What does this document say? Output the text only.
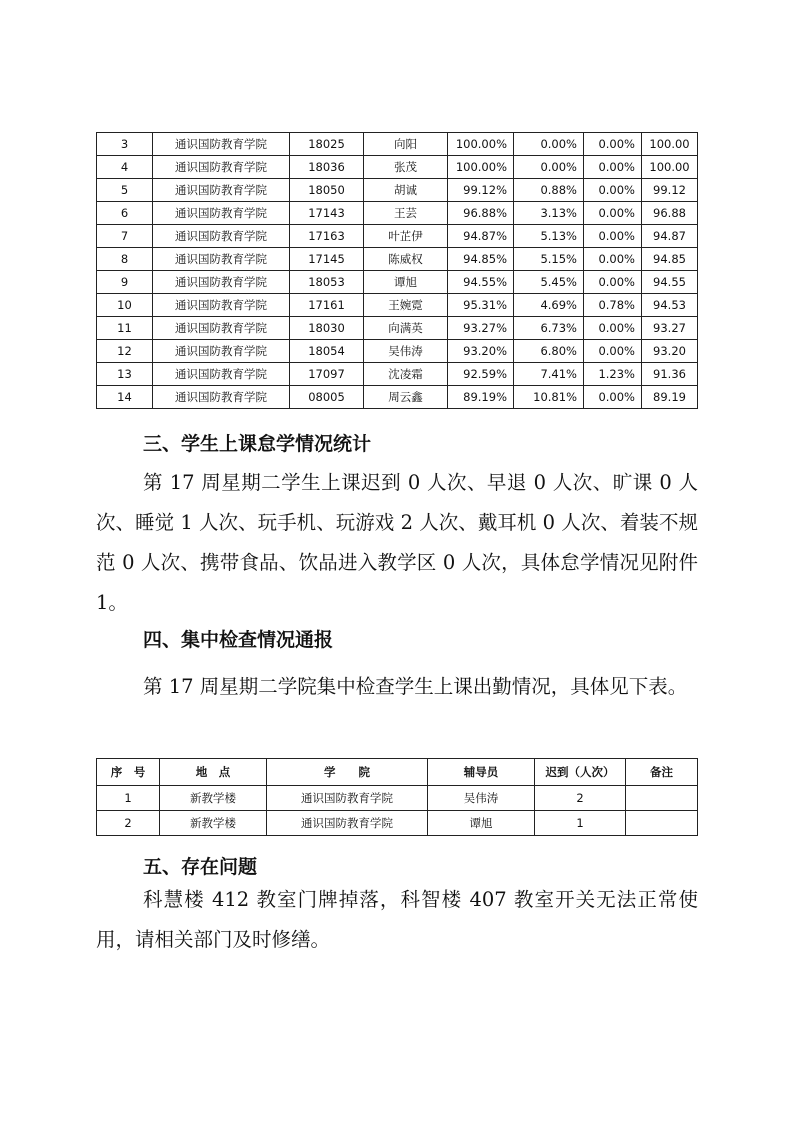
3	通识国防教育学院	18025	向阳	100.00%	0.00%	0.00%	100.00
4	通识国防教育学院	18036	张茂	100.00%	0.00%	0.00%	100.00
5	通识国防教育学院	18050	胡诚	99.12%	0.88%	0.00%	99.12
6	通识国防教育学院	17143	王芸	96.88%	3.13%	0.00%	96.88
7	通识国防教育学院	17163	叶芷伊	94.87%	5.13%	0.00%	94.87
8	通识国防教育学院	17145	陈威权	94.85%	5.15%	0.00%	94.85
9	通识国防教育学院	18053	谭旭	94.55%	5.45%	0.00%	94.55
10	通识国防教育学院	17161	王婉霓	95.31%	4.69%	0.78%	94.53
11	通识国防教育学院	18030	向满英	93.27%	6.73%	0.00%	93.27
12	通识国防教育学院	18054	吴伟涛	93.20%	6.80%	0.00%	93.20
13	通识国防教育学院	17097	沈凌霜	92.59%	7.41%	1.23%	91.36
14	通识国防教育学院	08005	周云鑫	89.19%	10.81%	0.00%	89.19
三、学生上课怠学情况统计

第 17 周星期二学生上课迟到 0 人次、早退 0 人次、旷课 0 人次、睡觉 1 人次、玩手机、玩游戏 2 人次、戴耳机 0 人次、着装不规范 0 人次、携带食品、饮品进入教学区 0 人次，具体怠学情况见附件 1。

四、集中检查情况通报

第 17 周星期二学院集中检查学生上课出勤情况，具体见下表。

序　号	地　点	学　　院	辅导员	迟到（人次）	备注
1	新教学楼	通识国防教育学院	吴伟涛	2	
2	新教学楼	通识国防教育学院	谭旭	1	
五、存在问题

科慧楼 412 教室门牌掉落，科智楼 407 教室开关无法正常使用，请相关部门及时修缮。
